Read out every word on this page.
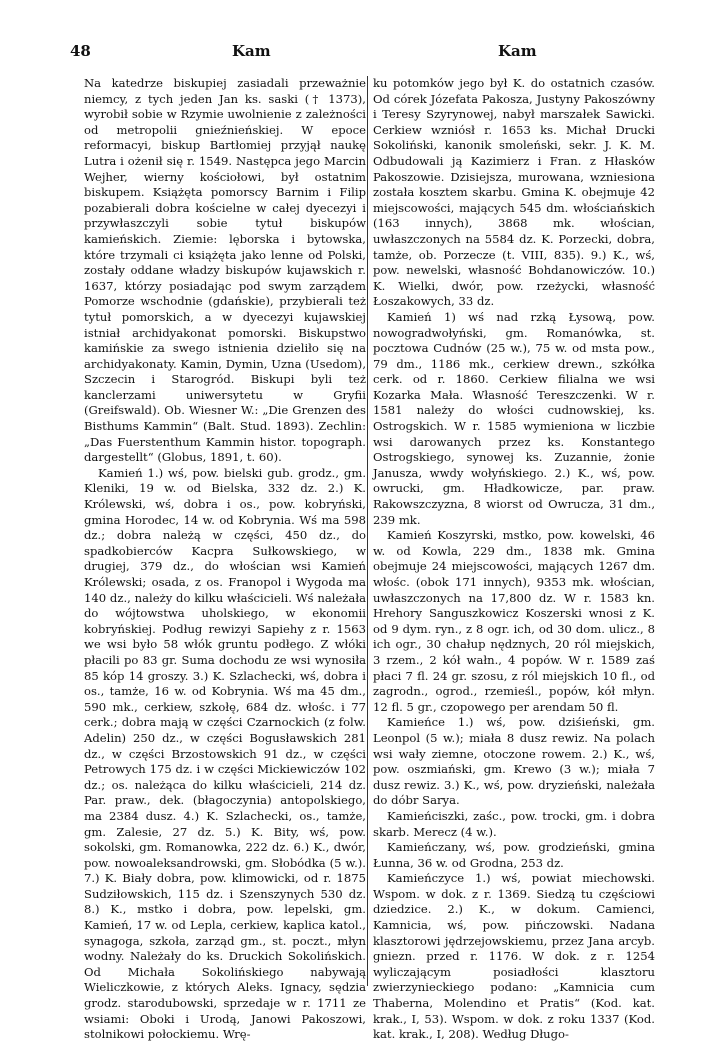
48	Kam	Kam

Na katedrze biskupiej zasiadali przeważnie niemcy, z tych jeden Jan ks. saski († 1373), wyrobił sobie w Rzymie uwolnienie z zależności od metropolii gnieźnieńskiej. W epoce reformacyi, biskup Bartłomiej przyjął naukę Lutra i ożenił się r. 1549. Następca jego Marcin Wejher, wierny kościołowi, był ostatnim biskupem. Książęta pomorscy Barnim i Filip pozabierali dobra kościelne w całej dyecezyi i przywłaszczyli sobie tytuł biskupów kamieńskich. Ziemie: lęborska i bytowska, które trzymali ci książęta jako lenne od Polski, zostały oddane władzy biskupów kujawskich r. 1637, którzy posiadając pod swym zarządem Pomorze wschodnie (gdańskie), przybierali też tytuł pomorskich, a w dyecezyi kujawskiej istniał archidyakonat pomorski. Biskupstwo kamińskie za swego istnienia dzieliło się na archidyakonaty. Kamin, Dymin, Uzna (Usedom), Szczecin i Starogród. Biskupi byli też kanclerzami uniwersytetu w Gryfii (Greifswald). Ob. Wiesner W.: „Die Grenzen des Bisthums Kammin“ (Balt. Stud. 1893). Zechlin: „Das Fuerstenthum Kammin histor. topograph. dargestellt“ (Globus, 1891, t. 60).

Kamień 1.) wś, pow. bielski gub. grodz., gm. Kleniki, 19 w. od Bielska, 332 dz. 2.) K. Królewski, wś, dobra i os., pow. kobryński, gmina Horodec, 14 w. od Kobrynia. Wś ma 598 dz.; dobra należą w części, 450 dz., do spadkobierców Kacpra Sułkowskiego, w drugiej, 379 dz., do włościan wsi Kamień Królewski; osada, z os. Franopol i Wygoda ma 140 dz., należy do kilku właścicieli. Wś należała do wójtowstwa uholskiego, w ekonomii kobryńskiej. Podług rewizyi Sapiehy z r. 1563 we wsi było 58 włók gruntu podłego. Z włóki płacili po 83 gr. Suma dochodu ze wsi wynosiła 85 kóp 14 groszy. 3.) K. Szlachecki, wś, dobra i os., tamże, 16 w. od Kobrynia. Wś ma 45 dm., 590 mk., cerkiew, szkołę, 684 dz. włośc. i 77 cerk.; dobra mają w części Czarnockich (z folw. Adelin) 250 dz., w części Bogusławskich 281 dz., w części Brzostowskich 91 dz., w części Petrowych 175 dz. i w części Mickiewiczów 102 dz.; os. należąca do kilku właścicieli, 214 dz. Par. praw., dek. (błagoczynia) antopolskiego, ma 2384 dusz. 4.) K. Szlachecki, os., tamże, gm. Zalesie, 27 dz. 5.) K. Bity, wś, pow. sokolski, gm. Romanowka, 222 dz. 6.) K., dwór, pow. nowoaleksandrowski, gm. Słobódka (5 w.). 7.) K. Biały dobra, pow. klimowicki, od r. 1875 Sudziłowskich, 115 dz. i Szenszynych 530 dz. 8.) K., mstko i dobra, pow. lepelski, gm. Kamień, 17 w. od Lepla, cerkiew, kaplica katol., synagoga, szkoła, zarząd gm., st. poczt., młyn wodny. Należały do ks. Druckich Sokolińskich. Od Michała Sokolińskiego nabywają Wieliczkowie, z których Aleks. Ignacy, sędzia grodz. starodubowski, sprzedaje w r. 1711 ze wsiami: Oboki i Urodą, Janowi Pakoszowi, stolnikowi połockiemu. Wrę-

ku potomków jego był K. do ostatnich czasów. Od córek Józefata Pakosza, Justyny Pakoszówny i Teresy Szyrynowej, nabył marszałek Sawicki. Cerkiew wzniósł r. 1653 ks. Michał Drucki Sokoliński, kanonik smoleński, sekr. J. K. M. Odbudowali ją Kazimierz i Fran. z Hłasków Pakoszowie. Dzisiejsza, murowana, wzniesiona została kosztem skarbu. Gmina K. obejmuje 42 miejscowości, mających 545 dm. włościańskich (163 innych), 3868 mk. włościan, uwłaszczonych na 5584 dz. K. Porzecki, dobra, tamże, ob. Porzecze (t. VIII, 835). 9.) K., wś, pow. newelski, własność Bohdanowiczów. 10.) K. Wielki, dwór, pow. rzeżycki, własność Łoszakowych, 33 dz.

Kamień 1) wś nad rzką Łysową, pow. nowogradwołyński, gm. Romanówka, st. pocztowa Cudnów (25 w.), 75 w. od msta pow., 79 dm., 1186 mk., cerkiew drewn., szkółka cerk. od r. 1860. Cerkiew filialna we wsi Kozarka Mała. Własność Tereszczenki. W r. 1581 należy do włości cudnowskiej, ks. Ostrogskich. W r. 1585 wymieniona w liczbie wsi darowanych przez ks. Konstantego Ostrogskiego, synowej ks. Zuzannie, żonie Janusza, wwdy wołyńskiego. 2.) K., wś, pow. owrucki, gm. Hładkowicze, par. praw. Rakowszczyzna, 8 wiorst od Owrucza, 31 dm., 239 mk.

Kamień Koszyrski, mstko, pow. kowelski, 46 w. od Kowla, 229 dm., 1838 mk. Gmina obejmuje 24 miejscowości, mających 1267 dm. włośc. (obok 171 innych), 9353 mk. włościan, uwłaszczonych na 17,800 dz. W r. 1583 kn. Hrehory Sanguszkowicz Koszerski wnosi z K. od 9 dym. ryn., z 8 ogr. ich, od 30 dom. ulicz., 8 ich ogr., 30 chałup nędznych, 20 ról miejskich, 3 rzem., 2 kół wałn., 4 popów. W r. 1589 zaś płaci 7 fl. 24 gr. szosu, z ról miejskich 10 fl., od zagrodn., ogrod., rzemieśl., popów, kół młyn. 12 fl. 5 gr., czopowego per arendam 50 fl.

Kamieńce 1.) wś, pow. dziśieński, gm. Leonpol (5 w.); miała 8 dusz rewiz. Na polach wsi wały ziemne, otoczone rowem. 2.) K., wś, pow. oszmiański, gm. Krewo (3 w.); miała 7 dusz rewiz. 3.) K., wś, pow. dryzieński, należała do dóbr Sarya.

Kamieńciszki, zaśc., pow. trocki, gm. i dobra skarb. Merecz (4 w.).

Kamieńczany, wś, pow. grodzieński, gmina Łunna, 36 w. od Grodna, 253 dz.

Kamieńczyce 1.) wś, powiat miechowski. Wspom. w dok. z r. 1369. Siedzą tu częściowi dziedzice. 2.) K., w dokum. Camienci, Kamnicia, wś, pow. pińczowski. Nadana klasztorowi jędrzejowskiemu, przez Jana arcyb. gniezn. przed r. 1176. W dok. z r. 1254 wyliczającym posiadłości klasztoru zwierzynieckiego podano: „Kamnicia cum Thaberna, Molendino et Pratis“ (Kod. kat. krak., I, 53). Wspom. w dok. z roku 1337 (Kod. kat. krak., I, 208). Według Długo-
